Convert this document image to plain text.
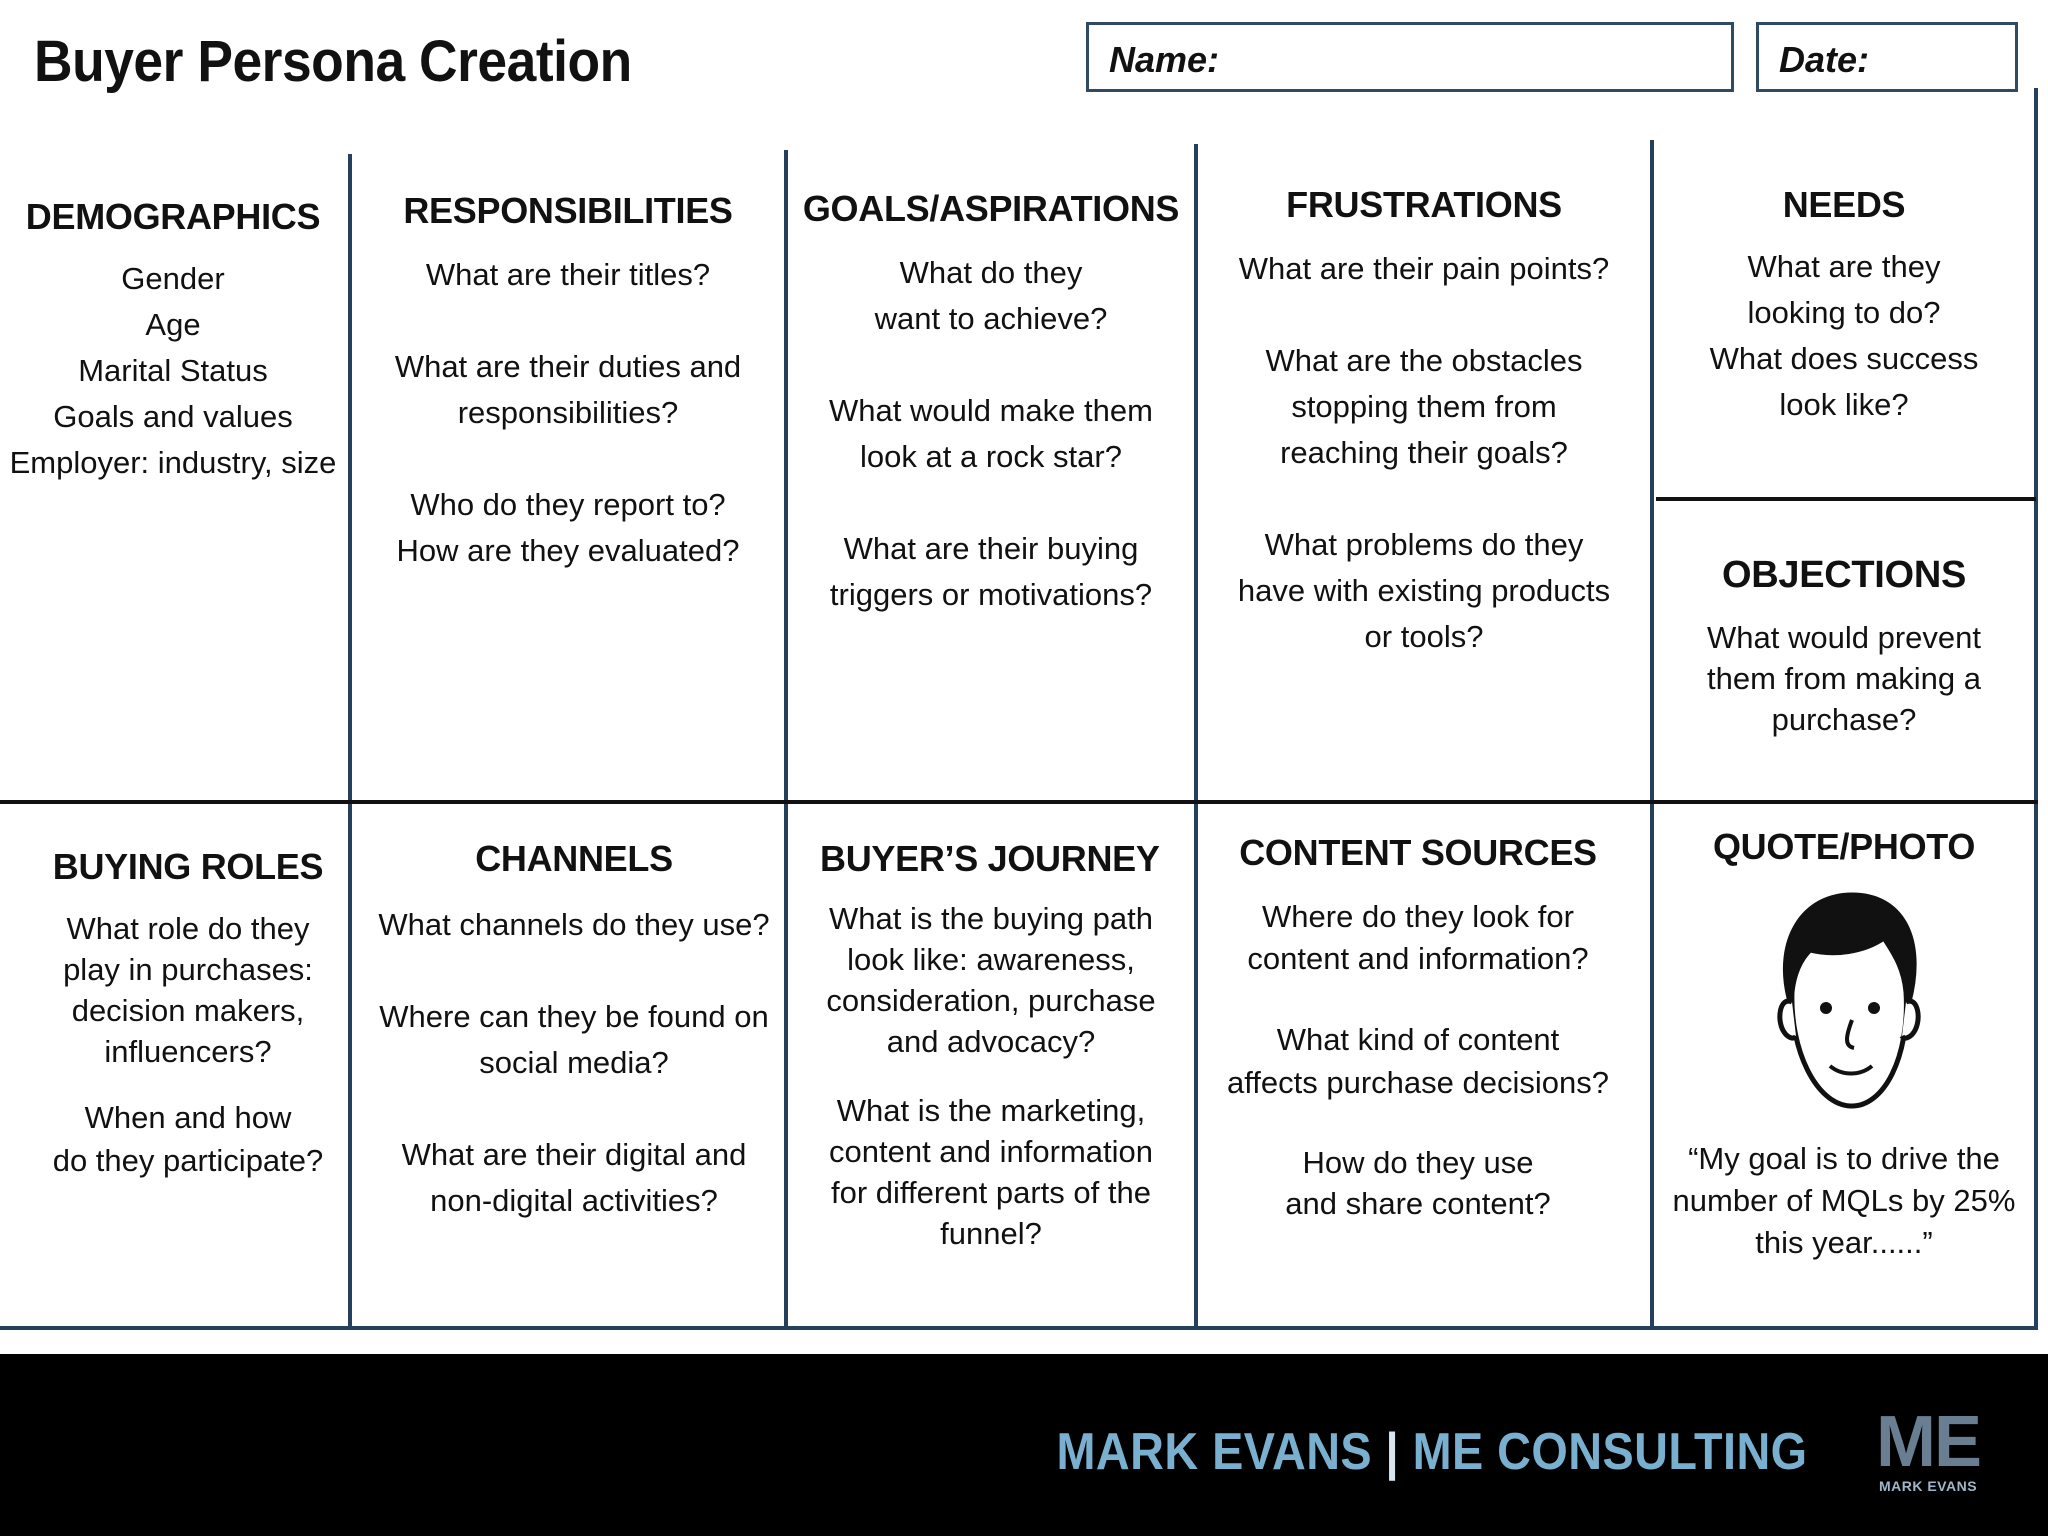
Buyer Persona Creation	Name:	Date:
DEMOGRAPHICS

Gender

Age

Marital Status

Goals and values

Employer: industry, size

RESPONSIBILITIES

What are their titles?

What are their duties and
responsibilities?

Who do they report to?
How are they evaluated?

GOALS/ASPIRATIONS

What do they
want to achieve?

What would make them
look at a rock star?

What are their buying
triggers or motivations?

FRUSTRATIONS

What are their pain points?

What are the obstacles
stopping them from
reaching their goals?

What problems do they
have with existing products
or tools?

NEEDS

What are they
looking to do?
What does success
look like?

OBJECTIONS

What would prevent
them from making a
purchase?

BUYING ROLES

What role do they
play in purchases:
decision makers,
influencers?

When and how
do they participate?

CHANNELS

What channels do they use?

Where can they be found on
social media?

What are their digital and
non-digital activities?

BUYER’S JOURNEY

What is the buying path
look like: awareness,
consideration, purchase
and advocacy?

What is the marketing,
content and information
for different parts of the
funnel?

CONTENT SOURCES

Where do they look for
content and information?

What kind of content
affects purchase decisions?

How do they use
and share content?

QUOTE/PHOTO
“My goal is to drive the
number of MQLs by 25%
this year......”
MARK EVANS | ME CONSULTING ME
MARK EVANS
